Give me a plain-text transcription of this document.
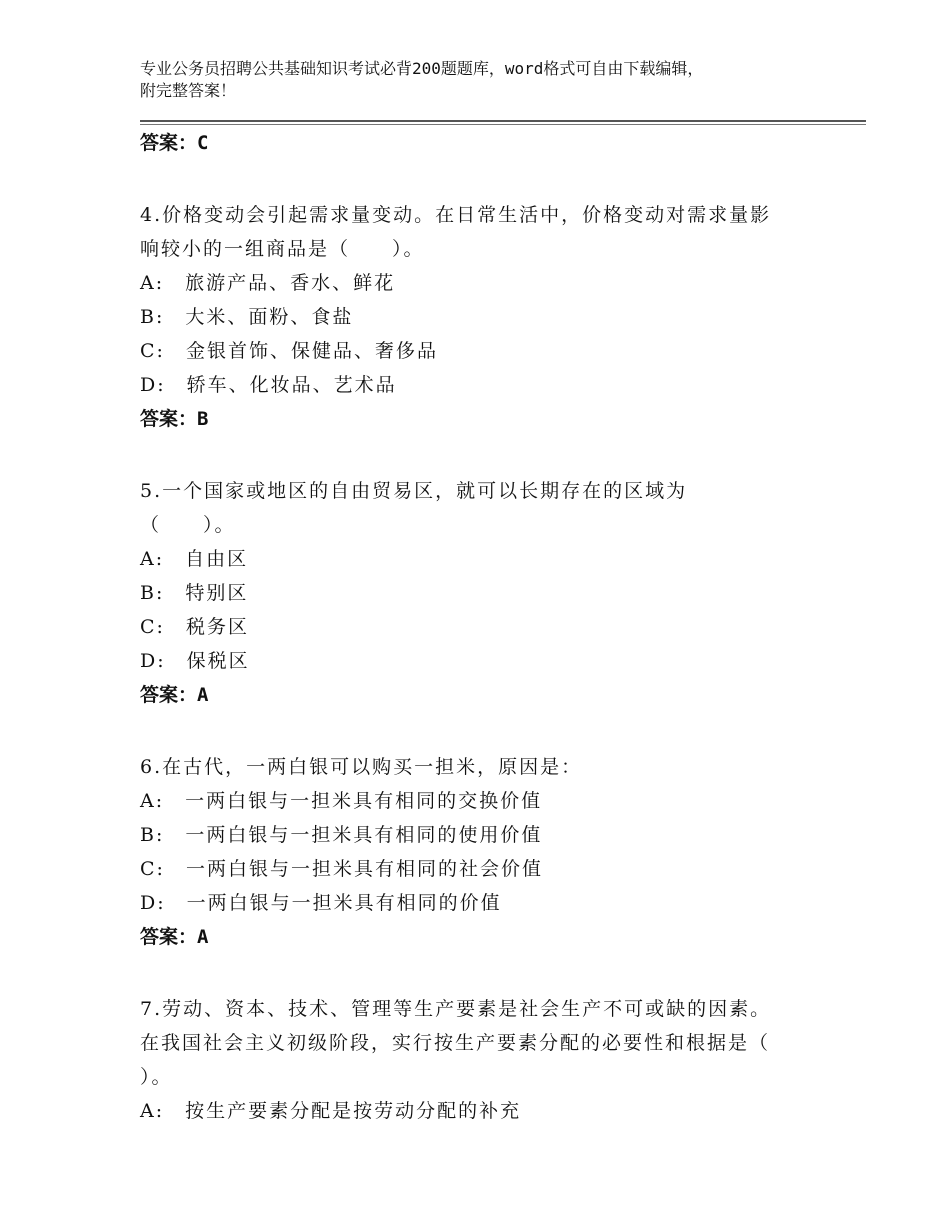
专业公务员招聘公共基础知识考试必背200题题库，word格式可自由下载编辑，
附完整答案！
答案：C
4.价格变动会引起需求量变动。在日常生活中，价格变动对需求量影
响较小的一组商品是（　　）。
A:　旅游产品、香水、鲜花
B:　大米、面粉、食盐
C:　金银首饰、保健品、奢侈品
D:　轿车、化妆品、艺术品
答案：B
5.一个国家或地区的自由贸易区，就可以长期存在的区域为
（　　）。
A:　自由区
B:　特别区
C:　税务区
D:　保税区
答案：A
6.在古代，一两白银可以购买一担米，原因是：
A:　一两白银与一担米具有相同的交换价值
B:　一两白银与一担米具有相同的使用价值
C:　一两白银与一担米具有相同的社会价值
D:　一两白银与一担米具有相同的价值
答案：A
7.劳动、资本、技术、管理等生产要素是社会生产不可或缺的因素。
在我国社会主义初级阶段，实行按生产要素分配的必要性和根据是（
）。
A:　按生产要素分配是按劳动分配的补充
